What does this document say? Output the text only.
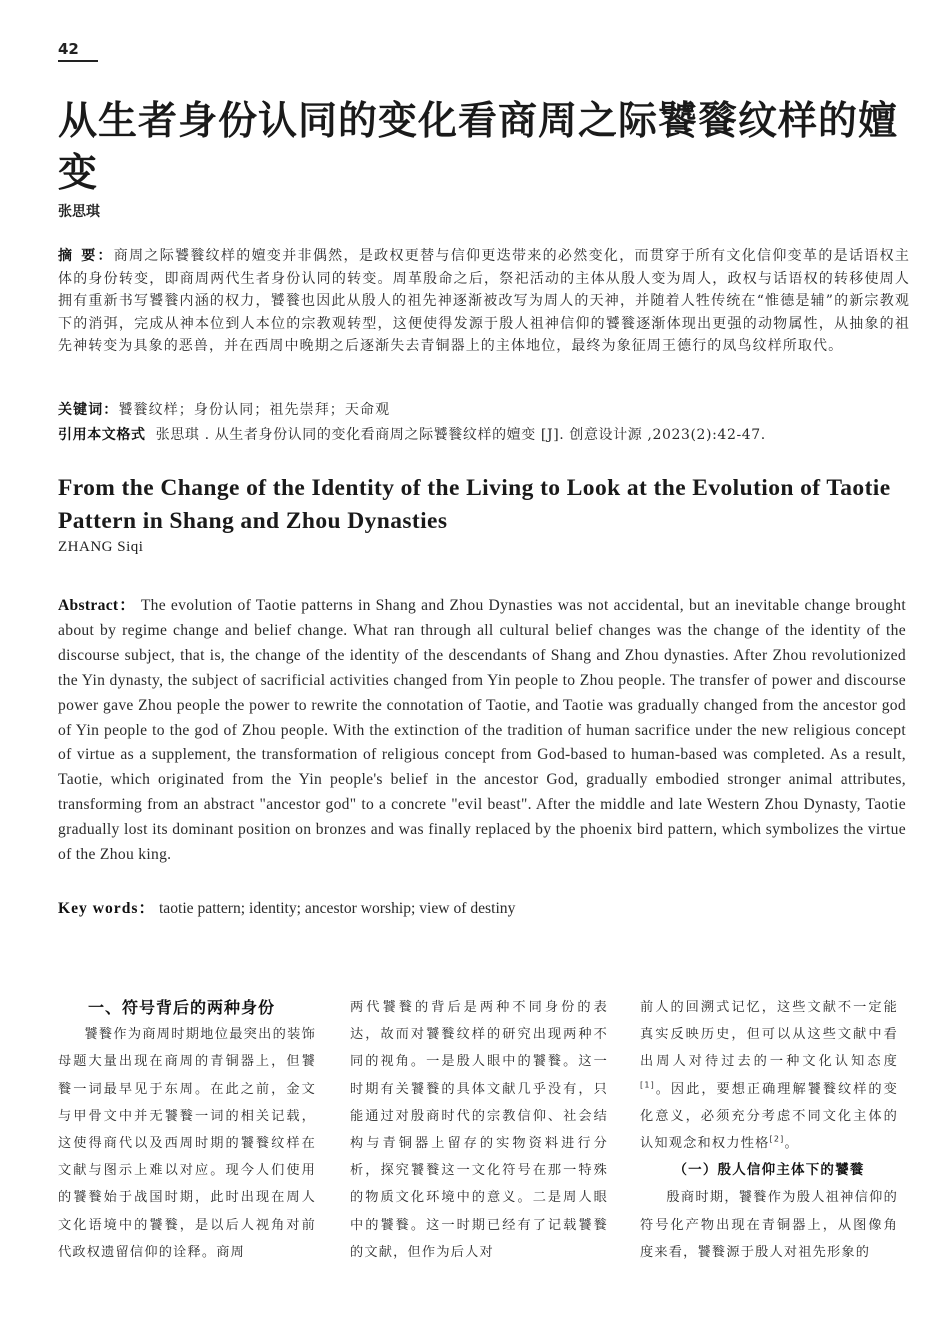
42
从生者身份认同的变化看商周之际饕餮纹样的嬗变
张思琪
摘 要：商周之际饕餮纹样的嬗变并非偶然，是政权更替与信仰更迭带来的必然变化，而贯穿于所有文化信仰变革的是话语权主体的身份转变，即商周两代生者身份认同的转变。周革殷命之后，祭祀活动的主体从殷人变为周人，政权与话语权的转移使周人拥有重新书写饕餮内涵的权力，饕餮也因此从殷人的祖先神逐渐被改写为周人的天神，并随着人牲传统在“惟德是辅”的新宗教观下的消弭，完成从神本位到人本位的宗教观转型，这便使得发源于殷人祖神信仰的饕餮逐渐体现出更强的动物属性，从抽象的祖先神转变为具象的恶兽，并在西周中晚期之后逐渐失去青铜器上的主体地位，最终为象征周王德行的凤鸟纹样所取代。
关键词：饕餮纹样；身份认同；祖先崇拜；天命观
引用本文格式 张思琪 . 从生者身份认同的变化看商周之际饕餮纹样的嬗变 [J]. 创意设计源 ,2023(2):42-47.
From the Change of the Identity of the Living to Look at the Evolution of Taotie Pattern in Shang and Zhou Dynasties
ZHANG Siqi
Abstract： The evolution of Taotie patterns in Shang and Zhou Dynasties was not accidental, but an inevitable change brought about by regime change and belief change. What ran through all cultural belief changes was the change of the identity of the discourse subject, that is, the change of the identity of the descendants of Shang and Zhou dynasties. After Zhou revolutionized the Yin dynasty, the subject of sacrificial activities changed from Yin people to Zhou people. The transfer of power and discourse power gave Zhou people the power to rewrite the connotation of Taotie, and Taotie was gradually changed from the ancestor god of Yin people to the god of Zhou people. With the extinction of the tradition of human sacrifice under the new religious concept of virtue as a supplement, the transformation of religious concept from God-based to human-based was completed. As a result, Taotie, which originated from the Yin people's belief in the ancestor God, gradually embodied stronger animal attributes, transforming from an abstract "ancestor god" to a concrete "evil beast". After the middle and late Western Zhou Dynasty, Taotie gradually lost its dominant position on bronzes and was finally replaced by the phoenix bird pattern, which symbolizes the virtue of the Zhou king.
Key words： taotie pattern; identity; ancestor worship; view of destiny

一、符号背后的两种身份

饕餮作为商周时期地位最突出的装饰母题大量出现在商周的青铜器上，但饕餮一词最早见于东周。在此之前，金文与甲骨文中并无饕餮一词的相关记载，这使得商代以及西周时期的饕餮纹样在文献与图示上难以对应。现今人们使用的饕餮始于战国时期，此时出现在周人文化语境中的饕餮，是以后人视角对前代政权遗留信仰的诠释。商周

两代饕餮的背后是两种不同身份的表达，故而对饕餮纹样的研究出现两种不同的视角。一是殷人眼中的饕餮。这一时期有关饕餮的具体文献几乎没有，只能通过对殷商时代的宗教信仰、社会结构与青铜器上留存的实物资料进行分析，探究饕餮这一文化符号在那一特殊的物质文化环境中的意义。二是周人眼中的饕餮。这一时期已经有了记载饕餮的文献，但作为后人对

前人的回溯式记忆，这些文献不一定能真实反映历史，但可以从这些文献中看出周人对待过去的一种文化认知态度[1]。因此，要想正确理解饕餮纹样的变化意义，必须充分考虑不同文化主体的认知观念和权力性格[2]。

（一）殷人信仰主体下的饕餮

殷商时期，饕餮作为殷人祖神信仰的符号化产物出现在青铜器上，从图像角度来看，饕餮源于殷人对祖先形象的
